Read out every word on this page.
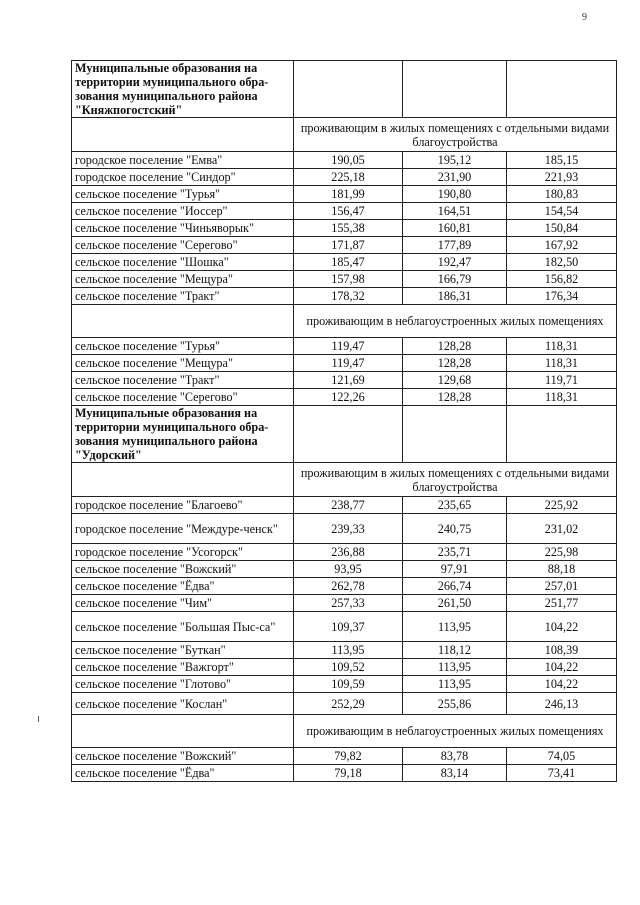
9
Муниципальные образования на территории муниципального обра-зования муниципального района "Княжпогостский"			
	проживающим в жилых помещениях с отдельными видами благоустройства		
городское поселение "Емва"	190,05	195,12	185,15
городское поселение "Синдор"	225,18	231,90	221,93
сельское поселение "Турья"	181,99	190,80	180,83
сельское поселение "Иоссер"	156,47	164,51	154,54
сельское поселение "Чиньяворык"	155,38	160,81	150,84
сельское поселение "Серегово"	171,87	177,89	167,92
сельское поселение "Шошка"	185,47	192,47	182,50
сельское поселение "Мещура"	157,98	166,79	156,82
сельское поселение "Тракт"	178,32	186,31	176,34
	проживающим в неблагоустроенных жилых помещениях		
сельское поселение "Турья"	119,47	128,28	118,31
сельское поселение "Мещура"	119,47	128,28	118,31
сельское поселение "Тракт"	121,69	129,68	119,71
сельское поселение "Серегово"	122,26	128,28	118,31
Муниципальные образования на территории муниципального обра-зования муниципального района "Удорский"			
	проживающим в жилых помещениях с отдельными видами благоустройства		
городское поселение "Благоево"	238,77	235,65	225,92
городское поселение "Междуре-ченск"	239,33	240,75	231,02
городское поселение "Усогорск"	236,88	235,71	225,98
сельское поселение "Вожский"	93,95	97,91	88,18
сельское поселение "Ёдва"	262,78	266,74	257,01
сельское поселение "Чим"	257,33	261,50	251,77
сельское поселение "Большая Пыс-са"	109,37	113,95	104,22
сельское поселение "Буткан"	113,95	118,12	108,39
сельское поселение "Важгорт"	109,52	113,95	104,22
сельское поселение "Глотово"	109,59	113,95	104,22
сельское поселение "Кослан"	252,29	255,86	246,13
	проживающим в неблагоустроенных жилых помещениях		
сельское поселение "Вожский"	79,82	83,78	74,05
сельское поселение "Ёдва"	79,18	83,14	73,41
